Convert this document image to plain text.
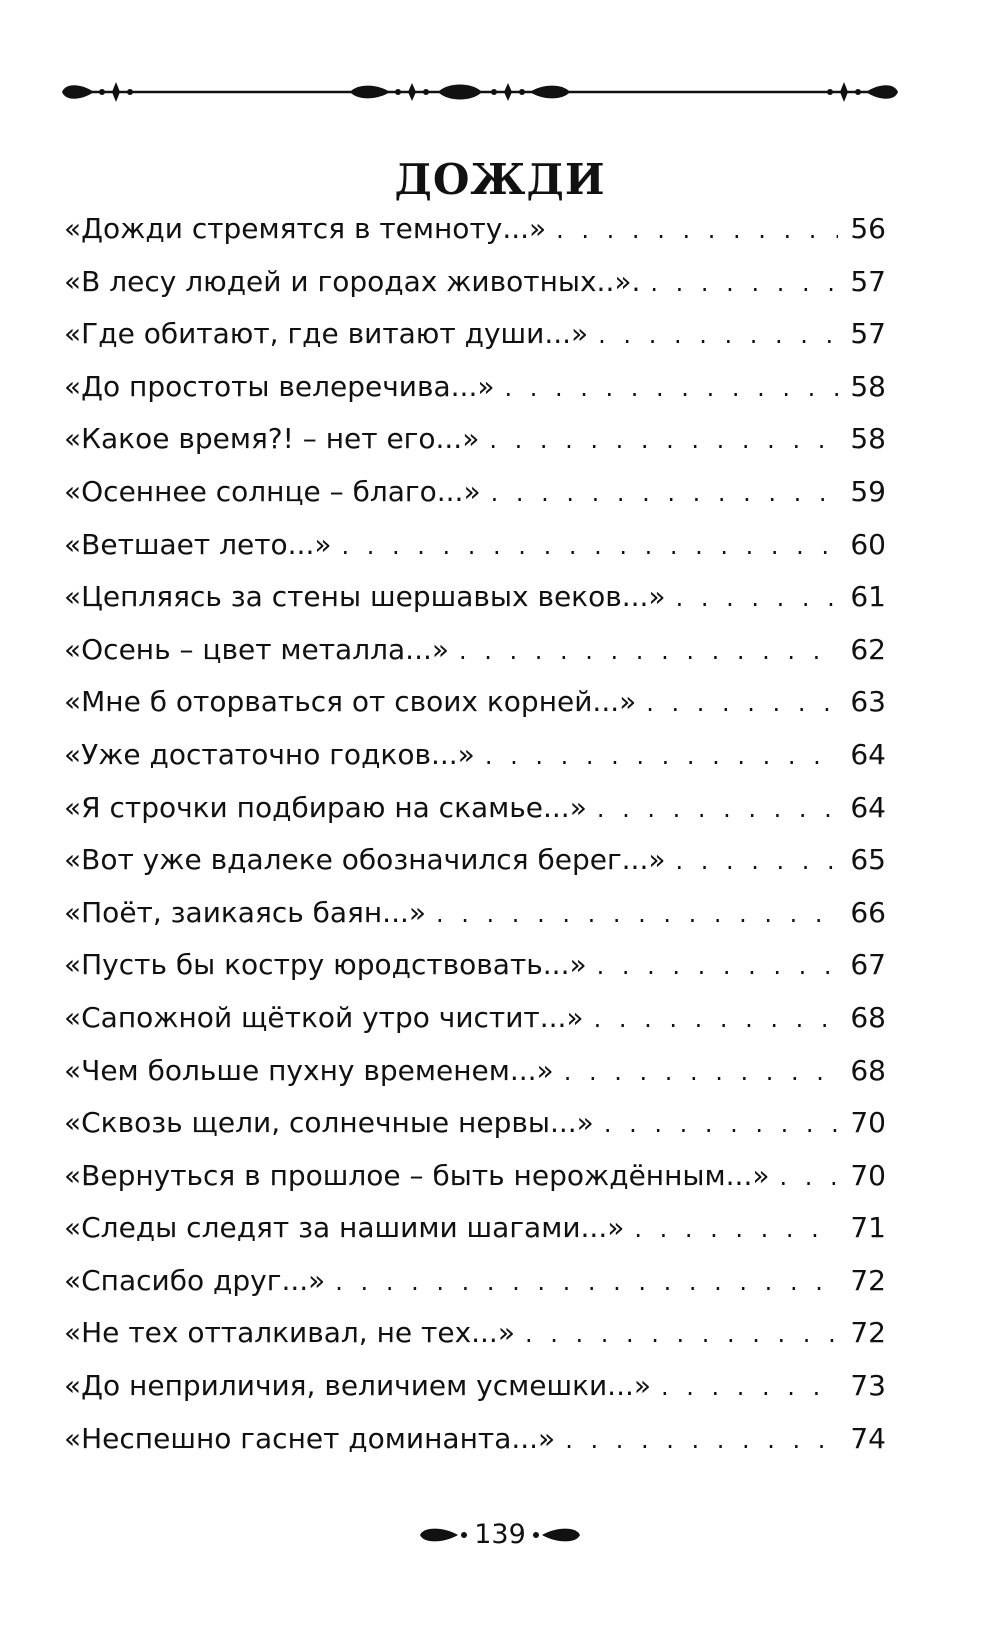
ДОЖДИ
«Дожди стремятся в темноту...» . . .	56
«В лесу людей и городах животных..». . . .	57
«Где обитают, где витают души...» . . .	57
«До простоты велеречива...» . . .	58
«Какое время?! – нет его...» . . .	58
«Осеннее солнце – благо...» . . .	59
«Ветшает лето...» . . .	60
«Цепляясь за стены шершавых веков...» . . .	61
«Осень – цвет металла...» . . .	62
«Мне б оторваться от своих корней...» . . .	63
«Уже достаточно годков...» . . .	64
«Я строчки подбираю на скамье...» . . .	64
«Вот уже вдалеке обозначился берег...» . . .	65
«Поёт, заикаясь баян...» . . .	66
«Пусть бы костру юродствовать...» . . .	67
«Сапожной щёткой утро чистит...» . . .	68
«Чем больше пухну временем...» . . .	68
«Сквозь щели, солнечные нервы...» . . .	70
«Вернуться в прошлое – быть нерождённым...» . . .	70
«Следы следят за нашими шагами...» . . .	71
«Спасибо друг...» . . .	72
«Не тех отталкивал, не тех...» . . .	72
«До неприличия, величием усмешки...» . . .	73
«Неспешно гаснет доминанта...» . . .	74
139
